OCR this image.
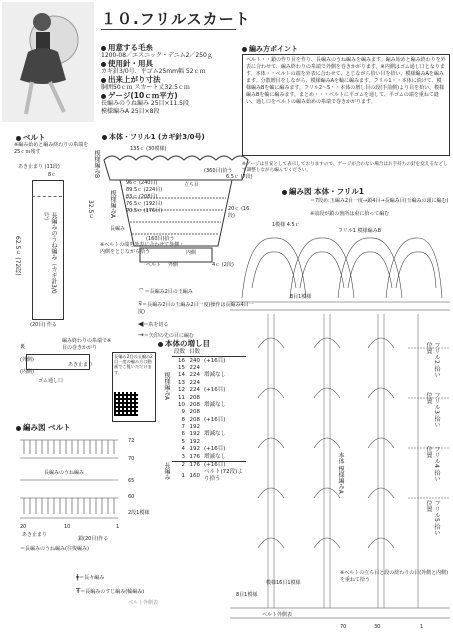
１０.フリルスカート
用意する毛糸
1200-08／エスニック・デニム2／250ｇ
使用針・用具
カギ針3/0号、平ゴム25mm幅 52ｃｍ
出来上がり寸法
胴囲50ｃｍ スカート丈32.5ｃｍ
ゲージ(10ｃｍ平方)
長編みのうね編み 25目×11.5段
模様編みA 25目×8段
編み方ポイント
ベルト・・鎖の作り目を作り、長編みのうね編みを編みます。編み始めと編み終わりを外表に合わせて、編み終わりの糸端で外側を巻きかがります。※内側はゴム通し口となります。本体・・ベルトの端を外表に合わせて、とじながら拾い目を拾い、模様編みAを編みます。分散増目をしながら、模様編みAを輪に編みます。フリル1・・本体に続けて、模様編みBを輪に編みます。フリル2～5・・本体の増し目の段(手前側)より目を拾い、模様編みBを輪に編みます。まとめ・・・ベルトに平ゴムを通して、平ゴムの端を重ねて縫い、通し口をベルトの編み始めの糸端で巻きかがります。
※ゲージは目安として表示しておりますので、ゲージが合わない場合はお手持ちの針を変えるなどして調整しながら編んでください。
ベルト
※編み始めと編み終わりの糸端を25ｃｍ残す
あき止まり (11段)
8ｃ
長編みのうね編み（カギ針3/0号）
62.5ｃ (72段)
(20目) 作る
裏
(外側)
(内側)
ゴム通し口
あき止まり
編み終わりの糸端で※目の巻きかがり
長編み2目の玉編み2目一度の編み方は動画でご覧いただけます。
本体・フリル1 (カギ針3/0号)
135ｃ (30模様)
模様編みB
模様編みA
32.5ｃ
(360目)拾う
立ち目
6.5ｃ (7段)
20ｃ (16段)
96ｃ (240目)
89.5ｃ (224目)
83ｃ (208目)
76.5ｃ (192目)
70.5ｃ (176目)
長編み
(160目)拾う
※ベルトの端を外表に合わせて外側・内側をとじながら拾う	内側
外側
ベルト	4ｃ (2段)
⌔＝長編み2目の玉編み
⍫＝長編み2目の玉編み2目一度(操作は長編み4目一度)
◀＝糸を切る
→＝矢印の先の目に編む
本体の増し目
模様編みA
長編み
段数	目数	
16	240	(+16目)
15	224	
14	224	増減なし
13	224	
12	224	(+16目)
11	208	
10	208	増減なし
9	208	
8	208	(+16目)
7	192	
6	192	増減なし
5	192	
4	192	(+16目)
3	176	増減なし
2	176	(+16目)
1	160	ベルト(72段)より拾う
編み図 ベルト
長編みのうね編み
72
70
65
60
2段1模様
20	10	1
あき止まり
鎖(20目)作る
＝長編みのうね編み(往復編み)
ǂ＝長々編み
Ŧ＝長編みのすじ編み(輪編み)
編み図 本体・フリル1
＝7段め:玉編み2目一度→鎖4目→長編み目(玉編みの頭に編む)
※前段が鎖の箇所は束に拾って編む
1模様 4.5ｃ
フリル1 模様編みB
8目1模様
本体 模様編みA
フリル2 拾い位置
フリル3 拾い位置
フリル4 拾い位置
フリル5 拾い位置
※ベルトの立ち目と段の終わりの目(外側と内側)を重ねて拾う
模様16目1模様
8目1模様
ベルト外側表
ベルト外側表
70	30	1
